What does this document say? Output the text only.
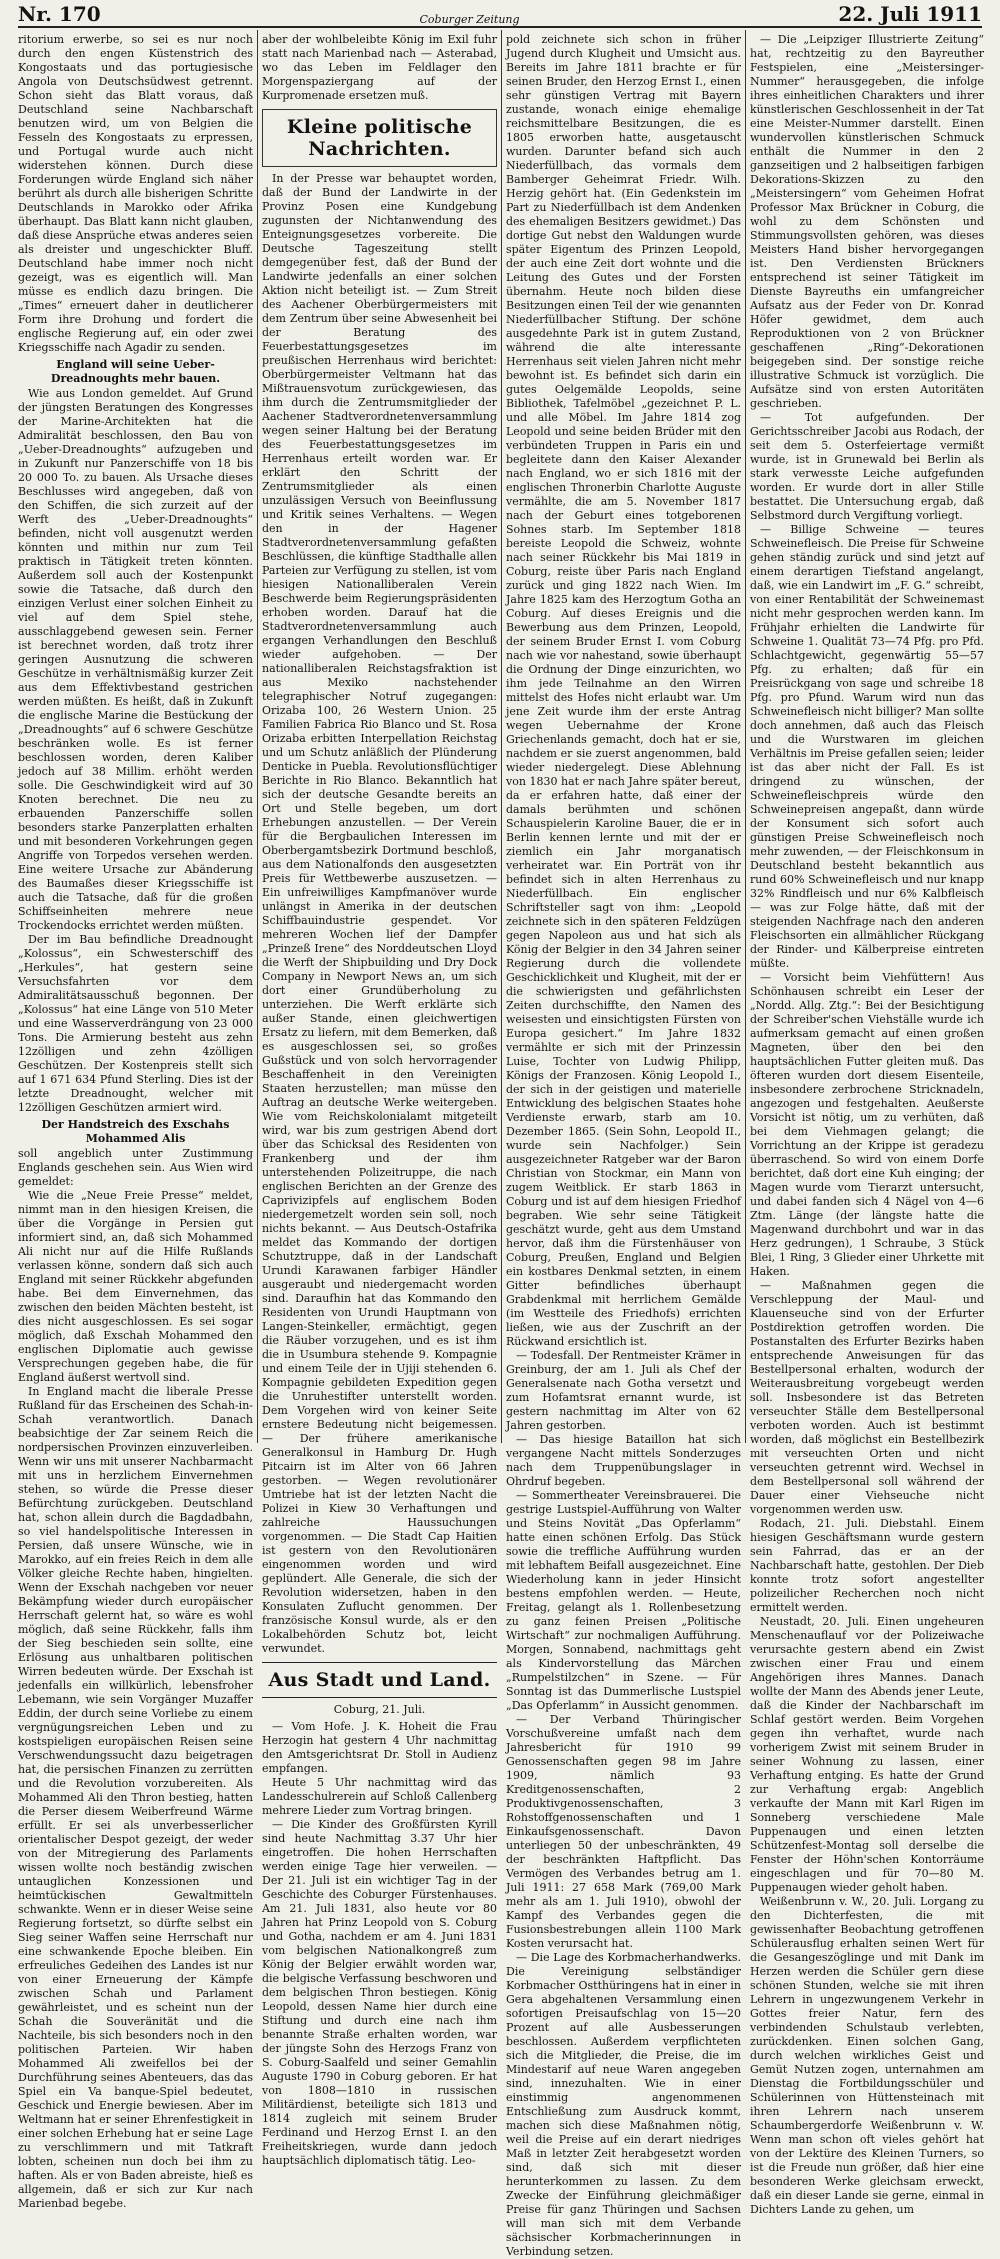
Nr. 170	Coburger Zeitung	22. Juli 1911

ritorium erwerbe, so sei es nur noch durch den engen Küstenstrich des Kongostaats und das portugiesische Angola von Deutschsüdwest getrennt. Schon sieht das Blatt voraus, daß Deutschland seine Nachbarschaft benutzen wird, um von Belgien die Fesseln des Kongostaats zu erpressen, und Portugal wurde auch nicht widerstehen können. Durch diese Forderungen würde England sich näher berührt als durch alle bisherigen Schritte Deutschlands in Marokko oder Afrika überhaupt. Das Blatt kann nicht glauben, daß diese Ansprüche etwas anderes seien als dreister und ungeschickter Bluff. Deutschland habe immer noch nicht gezeigt, was es eigentlich will. Man müsse es endlich dazu bringen. Die „Times“ erneuert daher in deutlicherer Form ihre Drohung und fordert die englische Regierung auf, ein oder zwei Kriegsschiffe nach Agadir zu senden.

England will seine Ueber-Dreadnoughts mehr bauen.

Wie aus London gemeldet. Auf Grund der jüngsten Beratungen des Kongresses der Marine-Architekten hat die Admiralität beschlossen, den Bau von „Ueber-Dreadnoughts“ aufzugeben und in Zukunft nur Panzerschiffe von 18 bis 20 000 To. zu bauen. Als Ursache dieses Beschlusses wird angegeben, daß von den Schiffen, die sich zurzeit auf der Werft des „Ueber-Dreadnoughts“ befinden, nicht voll ausgenutzt werden könnten und mithin nur zum Teil praktisch in Tätigkeit treten könnten. Außerdem soll auch der Kostenpunkt sowie die Tatsache, daß durch den einzigen Verlust einer solchen Einheit zu viel auf dem Spiel stehe, ausschlaggebend gewesen sein. Ferner ist berechnet worden, daß trotz ihrer geringen Ausnutzung die schweren Geschütze in verhältnismäßig kurzer Zeit aus dem Effektivbestand gestrichen werden müßten. Es heißt, daß in Zukunft die englische Marine die Bestückung der „Dreadnoughts“ auf 6 schwere Geschütze beschränken wolle. Es ist ferner beschlossen worden, deren Kaliber jedoch auf 38 Millim. erhöht werden solle. Die Geschwindigkeit wird auf 30 Knoten berechnet. Die neu zu erbauenden Panzerschiffe sollen besonders starke Panzerplatten erhalten und mit besonderen Vorkehrungen gegen Angriffe von Torpedos versehen werden. Eine weitere Ursache zur Abänderung des Baumaßes dieser Kriegsschiffe ist auch die Tatsache, daß für die großen Schiffseinheiten mehrere neue Trockendocks errichtet werden müßten.

Der im Bau befindliche Dreadnought „Kolossus“, ein Schwesterschiff des „Herkules“, hat gestern seine Versuchsfahrten vor dem Admiralitätsausschuß begonnen. Der „Kolossus“ hat eine Länge von 510 Meter und eine Wasserverdrängung von 23 000 Tons. Die Armierung besteht aus zehn 12zölligen und zehn 4zölligen Geschützen. Der Kostenpreis stellt sich auf 1 671 634 Pfund Sterling. Dies ist der letzte Dreadnought, welcher mit 12zölligen Geschützen armiert wird.

Der Handstreich des Exschahs Mohammed Alis

soll angeblich unter Zustimmung Englands geschehen sein. Aus Wien wird gemeldet:

Wie die „Neue Freie Presse“ meldet, nimmt man in den hiesigen Kreisen, die über die Vorgänge in Persien gut informiert sind, an, daß sich Mohammed Ali nicht nur auf die Hilfe Rußlands verlassen könne, sondern daß sich auch England mit seiner Rückkehr abgefunden habe. Bei dem Einvernehmen, das zwischen den beiden Mächten besteht, ist dies nicht ausgeschlossen. Es sei sogar möglich, daß Exschah Mohammed den englischen Diplomatie auch gewisse Versprechungen gegeben habe, die für England äußerst wertvoll sind.

In England macht die liberale Presse Rußland für das Erscheinen des Schah-in-Schah verantwortlich. Danach beabsichtige der Zar seinem Reich die nordpersischen Provinzen einzuverleiben. Wenn wir uns mit unserer Nachbarmacht mit uns in herzlichem Einvernehmen stehen, so würde die Presse dieser Befürchtung zurückgeben. Deutschland hat, schon allein durch die Bagdadbahn, so viel handelspolitische Interessen in Persien, daß unsere Wünsche, wie in Marokko, auf ein freies Reich in dem alle Völker gleiche Rechte haben, hingielten. Wenn der Exschah nachgeben vor neuer Bekämpfung wieder durch europäischer Herrschaft gelernt hat, so wäre es wohl möglich, daß seine Rückkehr, falls ihm der Sieg beschieden sein sollte, eine Erlösung aus unhaltbaren politischen Wirren bedeuten würde. Der Exschah ist jedenfalls ein willkürlich, lebensfroher Lebemann, wie sein Vorgänger Muzaffer Eddin, der durch seine Vorliebe zu einem vergnügungsreichen Leben und zu kostspieligen europäischen Reisen seine Verschwendungssucht dazu beigetragen hat, die persischen Finanzen zu zerrütten und die Revolution vorzubereiten. Als Mohammed Ali den Thron bestieg, hatten die Perser diesem Weiberfreund Wärme erfüllt. Er sei als unverbesserlicher orientalischer Despot gezeigt, der weder von der Mitregierung des Parlaments wissen wollte noch beständig zwischen untauglichen Konzessionen und heimtückischen Gewaltmitteln schwankte. Wenn er in dieser Weise seine Regierung fortsetzt, so dürfte selbst ein Sieg seiner Waffen seine Herrschaft nur eine schwankende Epoche bleiben. Ein erfreuliches Gedeihen des Landes ist nur von einer Erneuerung der Kämpfe zwischen Schah und Parlament gewährleistet, und es scheint nun der Schah die Souveränität und die Nachteile, bis sich besonders noch in den politischen Parteien. Wir haben Mohammed Ali zweifellos bei der Durchführung seines Abenteuers, das das Spiel ein Va banque-Spiel bedeutet, Geschick und Energie bewiesen. Aber im Weltmann hat er seiner Ehrenfestigkeit in einer solchen Erhebung hat er seine Lage zu verschlimmern und mit Tatkraft lobten, scheinen nun doch bei ihm zu haften. Als er von Baden abreiste, hieß es allgemein, daß er sich zur Kur nach Marienbad begebe.

aber der wohlbeleibte König im Exil fuhr statt nach Marienbad nach — Asterabad, wo das Leben im Feldlager den Morgenspaziergang auf der Kurpromenade ersetzen muß.

Kleine politische Nachrichten.

In der Presse war behauptet worden, daß der Bund der Landwirte in der Provinz Posen eine Kundgebung zugunsten der Nichtanwendung des Enteignungsgesetzes vorbereite. Die Deutsche Tageszeitung stellt demgegenüber fest, daß der Bund der Landwirte jedenfalls an einer solchen Aktion nicht beteiligt ist. — Zum Streit des Aachener Oberbürgermeisters mit dem Zentrum über seine Abwesenheit bei der Beratung des Feuerbestattungsgesetzes im preußischen Herrenhaus wird berichtet: Oberbürgermeister Veltmann hat das Mißtrauensvotum zurückgewiesen, das ihm durch die Zentrumsmitglieder der Aachener Stadtverordnetenversammlung wegen seiner Haltung bei der Beratung des Feuerbestattungsgesetzes im Herrenhaus erteilt worden war. Er erklärt den Schritt der Zentrumsmitglieder als einen unzulässigen Versuch von Beeinflussung und Kritik seines Verhaltens. — Wegen den in der Hagener Stadtverordnetenversammlung gefaßten Beschlüssen, die künftige Stadthalle allen Parteien zur Verfügung zu stellen, ist vom hiesigen Nationalliberalen Verein Beschwerde beim Regierungspräsidenten erhoben worden. Darauf hat die Stadtverordnetenversammlung auch ergangen Verhandlungen den Beschluß wieder aufgehoben. — Der nationalliberalen Reichstagsfraktion ist aus Mexiko nachstehender telegraphischer Notruf zugegangen: Orizaba 100, 26 Western Union. 25 Familien Fabrica Rio Blanco und St. Rosa Orizaba erbitten Interpellation Reichstag und um Schutz anläßlich der Plünderung Denticke in Puebla. Revolutionsflüchtiger Berichte in Rio Blanco. Bekanntlich hat sich der deutsche Gesandte bereits an Ort und Stelle begeben, um dort Erhebungen anzustellen. — Der Verein für die Bergbaulichen Interessen im Oberbergamtsbezirk Dortmund beschloß, aus dem Nationalfonds den ausgesetzten Preis für Wettbewerbe auszusetzen. — Ein unfreiwilliges Kampfmanöver wurde unlängst in Amerika in der deutschen Schiffbauindustrie gespendet. Vor mehreren Wochen lief der Dampfer „Prinzeß Irene“ des Norddeutschen Lloyd die Werft der Shipbuilding und Dry Dock Company in Newport News an, um sich dort einer Grundüberholung zu unterziehen. Die Werft erklärte sich außer Stande, einen gleichwertigen Ersatz zu liefern, mit dem Bemerken, daß es ausgeschlossen sei, so großes Gußstück und von solch hervorragender Beschaffenheit in den Vereinigten Staaten herzustellen; man müsse den Auftrag an deutsche Werke weitergeben. Wie vom Reichskolonialamt mitgeteilt wird, war bis zum gestrigen Abend dort über das Schicksal des Residenten von Frankenberg und der ihm unterstehenden Polizeitruppe, die nach englischen Berichten an der Grenze des Caprivizipfels auf englischem Boden niedergemetzelt worden sein soll, noch nichts bekannt. — Aus Deutsch-Ostafrika meldet das Kommando der dortigen Schutztruppe, daß in der Landschaft Urundi Karawanen farbiger Händler ausgeraubt und niedergemacht worden sind. Daraufhin hat das Kommando den Residenten von Urundi Hauptmann von Langen-Steinkeller, ermächtigt, gegen die Räuber vorzugehen, und es ist ihm die in Usumbura stehende 9. Kompagnie und einem Teile der in Ujiji stehenden 6. Kompagnie gebildeten Expedition gegen die Unruhestifter unterstellt worden. Dem Vorgehen wird von keiner Seite ernstere Bedeutung nicht beigemessen. — Der frühere amerikanische Generalkonsul in Hamburg Dr. Hugh Pitcairn ist im Alter von 66 Jahren gestorben. — Wegen revolutionärer Umtriebe hat ist der letzten Nacht die Polizei in Kiew 30 Verhaftungen und zahlreiche Haussuchungen vorgenommen. — Die Stadt Cap Haitien ist gestern von den Revolutionären eingenommen worden und wird geplündert. Alle Generale, die sich der Revolution widersetzen, haben in den Konsulaten Zuflucht genommen. Der französische Konsul wurde, als er den Lokalbehörden Schutz bot, leicht verwundet.

Aus Stadt und Land.
Coburg, 21. Juli.

— Vom Hofe. J. K. Hoheit die Frau Herzogin hat gestern 4 Uhr nachmittag den Amtsgerichtsrat Dr. Stoll in Audienz empfangen.

Heute 5 Uhr nachmittag wird das Landesschulrerein auf Schloß Callenberg mehrere Lieder zum Vortrag bringen.

— Die Kinder des Großfürsten Kyrill sind heute Nachmittag 3.37 Uhr hier eingetroffen. Die hohen Herrschaften werden einige Tage hier verweilen. — Der 21. Juli ist ein wichtiger Tag in der Geschichte des Coburger Fürstenhauses. Am 21. Juli 1831, also heute vor 80 Jahren hat Prinz Leopold von S. Coburg und Gotha, nachdem er am 4. Juni 1831 vom belgischen Nationalkongreß zum König der Belgier erwählt worden war, die belgische Verfassung beschworen und dem belgischen Thron bestiegen. König Leopold, dessen Name hier durch eine Stiftung und durch eine nach ihm benannte Straße erhalten worden, war der jüngste Sohn des Herzogs Franz von S. Coburg-Saalfeld und seiner Gemahlin Auguste 1790 in Coburg geboren. Er hat von 1808—1810 in russischen Militärdienst, beteiligte sich 1813 und 1814 zugleich mit seinem Bruder Ferdinand und Herzog Ernst I. an den Freiheitskriegen, wurde dann jedoch hauptsächlich diplomatisch tätig. Leo-

pold zeichnete sich schon in früher Jugend durch Klugheit und Umsicht aus. Bereits im Jahre 1811 brachte er für seinen Bruder, den Herzog Ernst I., einen sehr günstigen Vertrag mit Bayern zustande, wonach einige ehemalige reichsmittelbare Besitzungen, die es 1805 erworben hatte, ausgetauscht wurden. Darunter befand sich auch Niederfüllbach, das vormals dem Bamberger Geheimrat Friedr. Wilh. Herzig gehört hat. (Ein Gedenkstein im Part zu Niederfüllbach ist dem Andenken des ehemaligen Besitzers gewidmet.) Das dortige Gut nebst den Waldungen wurde später Eigentum des Prinzen Leopold, der auch eine Zeit dort wohnte und die Leitung des Gutes und der Forsten übernahm. Heute noch bilden diese Besitzungen einen Teil der wie genannten Niederfüllbacher Stiftung. Der schöne ausgedehnte Park ist in gutem Zustand, während die alte interessante Herrenhaus seit vielen Jahren nicht mehr bewohnt ist. Es befindet sich darin ein gutes Oelgemälde Leopolds, seine Bibliothek, Tafelmöbel „gezeichnet P. L. und alle Möbel. Im Jahre 1814 zog Leopold und seine beiden Brüder mit den verbündeten Truppen in Paris ein und begleitete dann den Kaiser Alexander nach England, wo er sich 1816 mit der englischen Thronerbin Charlotte Auguste vermählte, die am 5. November 1817 nach der Geburt eines totgeborenen Sohnes starb. Im September 1818 bereiste Leopold die Schweiz, wohnte nach seiner Rückkehr bis Mai 1819 in Coburg, reiste über Paris nach England zurück und ging 1822 nach Wien. Im Jahre 1825 kam des Herzogtum Gotha an Coburg. Auf dieses Ereignis und die Bewerbung aus dem Prinzen, Leopold, der seinem Bruder Ernst I. vom Coburg nach wie vor nahestand, sowie überhaupt die Ordnung der Dinge einzurichten, wo ihm jede Teilnahme an den Wirren mittelst des Hofes nicht erlaubt war. Um jene Zeit wurde ihm der erste Antrag wegen Uebernahme der Krone Griechenlands gemacht, doch hat er sie, nachdem er sie zuerst angenommen, bald wieder niedergelegt. Diese Ablehnung von 1830 hat er nach Jahre später bereut, da er erfahren hatte, daß einer der damals berühmten und schönen Schauspielerin Karoline Bauer, die er in Berlin kennen lernte und mit der er ziemlich ein Jahr morganatisch verheiratet war. Ein Porträt von ihr befindet sich in alten Herrenhaus zu Niederfüllbach. Ein englischer Schriftsteller sagt von ihm: „Leopold zeichnete sich in den späteren Feldzügen gegen Napoleon aus und hat sich als König der Belgier in den 34 Jahren seiner Regierung durch die vollendete Geschicklichkeit und Klugheit, mit der er die schwierigsten und gefährlichsten Zeiten durchschiffte, den Namen des weisesten und einsichtigsten Fürsten von Europa gesichert.“ Im Jahre 1832 vermählte er sich mit der Prinzessin Luise, Tochter von Ludwig Philipp, Königs der Franzosen. König Leopold I., der sich in der geistigen und materielle Entwicklung des belgischen Staates hohe Verdienste erwarb, starb am 10. Dezember 1865. (Sein Sohn, Leopold II., wurde sein Nachfolger.) Sein ausgezeichneter Ratgeber war der Baron Christian von Stockmar, ein Mann von zugem Weitblick. Er starb 1863 in Coburg und ist auf dem hiesigen Friedhof begraben. Wie sehr seine Tätigkeit geschätzt wurde, geht aus dem Umstand hervor, daß ihm die Fürstenhäuser von Coburg, Preußen, England und Belgien ein kostbares Denkmal setzten, in einem Gitter befindliches überhaupt Grabdenkmal mit herrlichem Gemälde (im Westteile des Friedhofs) errichten ließen, wie aus der Zuschrift an der Rückwand ersichtlich ist.

— Todesfall. Der Rentmeister Krämer in Greinburg, der am 1. Juli als Chef der Generalsenate nach Gotha versetzt und zum Hofamtsrat ernannt wurde, ist gestern nachmittag im Alter von 62 Jahren gestorben.

— Das hiesige Bataillon hat sich vergangene Nacht mittels Sonderzuges nach dem Truppenübungslager in Ohrdruf begeben.

— Sommertheater Vereinsbrauerei. Die gestrige Lustspiel-Aufführung von Walter und Steins Novität „Das Opferlamm“ hatte einen schönen Erfolg. Das Stück sowie die treffliche Aufführung wurden mit lebhaftem Beifall ausgezeichnet. Eine Wiederholung kann in jeder Hinsicht bestens empfohlen werden. — Heute, Freitag, gelangt als 1. Rollenbesetzung zu ganz feinen Preisen „Politische Wirtschaft“ zur nochmaligen Aufführung. Morgen, Sonnabend, nachmittags geht als Kindervorstellung das Märchen „Rumpelstilzchen“ in Szene. — Für Sonntag ist das Dummerlische Lustspiel „Das Opferlamm“ in Aussicht genommen.

— Der Verband Thüringischer Vorschußvereine umfaßt nach dem Jahresbericht für 1910 99 Genossenschaften gegen 98 im Jahre 1909, nämlich 93 Kreditgenossenschaften, 2 Produktivgenossenschaften, 3 Rohstoffgenossenschaften und 1 Einkaufsgenossenschaft. Davon unterliegen 50 der unbeschränkten, 49 der beschränkten Haftpflicht. Das Vermögen des Verbandes betrug am 1. Juli 1911: 27 658 Mark (769,00 Mark mehr als am 1. Juli 1910), obwohl der Kampf des Verbandes gegen die Fusionsbestrebungen allein 1100 Mark Kosten verursacht hat.

— Die Lage des Korbmacherhandwerks. Die Vereinigung selbständiger Korbmacher Ostthüringens hat in einer in Gera abgehaltenen Versammlung einen sofortigen Preisaufschlag von 15—20 Prozent auf alle Ausbesserungen beschlossen. Außerdem verpflichteten sich die Mitglieder, die Preise, die im Mindestarif auf neue Waren angegeben sind, innezuhalten. Wie in einer einstimmig angenommenen Entschließung zum Ausdruck kommt, machen sich diese Maßnahmen nötig, weil die Preise auf ein derart niedriges Maß in letzter Zeit herabgesetzt worden sind, daß sich mit dieser herunterkommen zu lassen. Zu dem Zwecke der Einführung gleichmäßiger Preise für ganz Thüringen und Sachsen will man sich mit dem Verbande sächsischer Korbmacherinnungen in Verbindung setzen.

— Die „Leipziger Illustrierte Zeitung“ hat, rechtzeitig zu den Bayreuther Festspielen, eine „Meistersinger-Nummer“ herausgegeben, die infolge ihres einheitlichen Charakters und ihrer künstlerischen Geschlossenheit in der Tat eine Meister-Nummer darstellt. Einen wundervollen künstlerischen Schmuck enthält die Nummer in den 2 ganzseitigen und 2 halbseitigen farbigen Dekorations-Skizzen zu den „Meistersingern“ vom Geheimen Hofrat Professor Max Brückner in Coburg, die wohl zu dem Schönsten und Stimmungsvollsten gehören, was dieses Meisters Hand bisher hervorgegangen ist. Den Verdiensten Brückners entsprechend ist seiner Tätigkeit im Dienste Bayreuths ein umfangreicher Aufsatz aus der Feder von Dr. Konrad Höfer gewidmet, dem auch Reproduktionen von 2 von Brückner geschaffenen „Ring“-Dekorationen beigegeben sind. Der sonstige reiche illustrative Schmuck ist vorzüglich. Die Aufsätze sind von ersten Autoritäten geschrieben.

— Tot aufgefunden. Der Gerichtsschreiber Jacobi aus Rodach, der seit dem 5. Osterfeiertage vermißt wurde, ist in Grunewald bei Berlin als stark verwesste Leiche aufgefunden worden. Er wurde dort in aller Stille bestattet. Die Untersuchung ergab, daß Selbstmord durch Vergiftung vorliegt.

— Billige Schweine — teures Schweinefleisch. Die Preise für Schweine gehen ständig zurück und sind jetzt auf einem derartigen Tiefstand angelangt, daß, wie ein Landwirt im „F. G.“ schreibt, von einer Rentabilität der Schweinemast nicht mehr gesprochen werden kann. Im Frühjahr erhielten die Landwirte für Schweine 1. Qualität 73—74 Pfg. pro Pfd. Schlachtgewicht, gegenwärtig 55—57 Pfg. zu erhalten; daß für ein Preisrückgang von sage und schreibe 18 Pfg. pro Pfund. Warum wird nun das Schweinefleisch nicht billiger? Man sollte doch annehmen, daß auch das Fleisch und die Wurstwaren im gleichen Verhältnis im Preise gefallen seien; leider ist das aber nicht der Fall. Es ist dringend zu wünschen, der Schweinefleischpreis würde den Schweinepreisen angepaßt, dann würde der Konsument sich sofort auch günstigen Preise Schweinefleisch noch mehr zuwenden, — der Fleischkonsum in Deutschland besteht bekanntlich aus rund 60% Schweinefleisch und nur knapp 32% Rindfleisch und nur 6% Kalbfleisch — was zur Folge hätte, daß mit der steigenden Nachfrage nach den anderen Fleischsorten ein allmählicher Rückgang der Rinder- und Kälberpreise eintreten müßte.

— Vorsicht beim Viehfüttern! Aus Schönhausen schreibt ein Leser der „Nordd. Allg. Ztg.“: Bei der Besichtigung der Schreiber'schen Viehställe wurde ich aufmerksam gemacht auf einen großen Magneten, über den bei den hauptsächlichen Futter gleiten muß. Das öfteren wurden dort diesem Eisenteile, insbesondere zerbrochene Stricknadeln, angezogen und festgehalten. Aeußerste Vorsicht ist nötig, um zu verhüten, daß bei dem Viehmagen gelangt; die Vorrichtung an der Krippe ist geradezu überraschend. So wird von einem Dorfe berichtet, daß dort eine Kuh einging; der Magen wurde vom Tierarzt untersucht, und dabei fanden sich 4 Nägel von 4—6 Ztm. Länge (der längste hatte die Magenwand durchbohrt und war in das Herz gedrungen), 1 Schraube, 3 Stück Blei, 1 Ring, 3 Glieder einer Uhrkette mit Haken.

— Maßnahmen gegen die Verschleppung der Maul- und Klauenseuche sind von der Erfurter Postdirektion getroffen worden. Die Postanstalten des Erfurter Bezirks haben entsprechende Anweisungen für das Bestellpersonal erhalten, wodurch der Weiterausbreitung vorgebeugt werden soll. Insbesondere ist das Betreten verseuchter Ställe dem Bestellpersonal verboten worden. Auch ist bestimmt worden, daß möglichst ein Bestellbezirk mit verseuchten Orten und nicht verseuchten getrennt wird. Wechsel in dem Bestellpersonal soll während der Dauer einer Viehseuche nicht vorgenommen werden usw.

Rodach, 21. Juli. Diebstahl. Einem hiesigen Geschäftsmann wurde gestern sein Fahrrad, das er an der Nachbarschaft hatte, gestohlen. Der Dieb konnte trotz sofort angestellter polizeilicher Recherchen noch nicht ermittelt werden.

Neustadt, 20. Juli. Einen ungeheuren Menschenauflauf vor der Polizeiwache verursachte gestern abend ein Zwist zwischen einer Frau und einem Angehörigen ihres Mannes. Danach wollte der Mann des Abends jener Leute, daß die Kinder der Nachbarschaft im Schlaf gestört werden. Beim Vorgehen gegen ihn verhaftet, wurde nach vorherigem Zwist mit seinem Bruder in seiner Wohnung zu lassen, einer Verhaftung entging. Es hatte der Grund zur Verhaftung ergab: Angeblich verkaufte der Mann mit Karl Rigen im Sonneberg verschiedene Male Puppenaugen und einen letzten Schützenfest-Montag soll derselbe die Fenster der Höhn'schen Kontorräume eingeschlagen und für 70—80 M. Puppenaugen wieder geholt haben.

Weißenbrunn v. W., 20. Juli. Lorgang zu den Dichterfesten, die mit gewissenhafter Beobachtung getroffenen Schülerausflug erhalten seinen Wert für die Gesangeszöglinge und mit Dank im Herzen werden die Schüler gern diese schönen Stunden, welche sie mit ihren Lehrern in ungezwungenem Verkehr in Gottes freier Natur, fern des verbindenden Schulstaub verlebten, zurückdenken. Einen solchen Gang, durch welchen wirkliches Geist und Gemüt Nutzen zogen, unternahmen am Dienstag die Fortbildungsschüler und Schülerinnen von Hüttensteinach mit ihren Lehrern nach unserem Schaumbergerdorfe Weißenbrunn v. W. Wenn man schon oft vieles gehört hat von der Lektüre des Kleinen Turners, so ist die Freude nun größer, daß hier eine besonderen Werke gleichsam erweckt, daß ein dieser Lande sie gerne, einmal in Dichters Lande zu gehen, um
